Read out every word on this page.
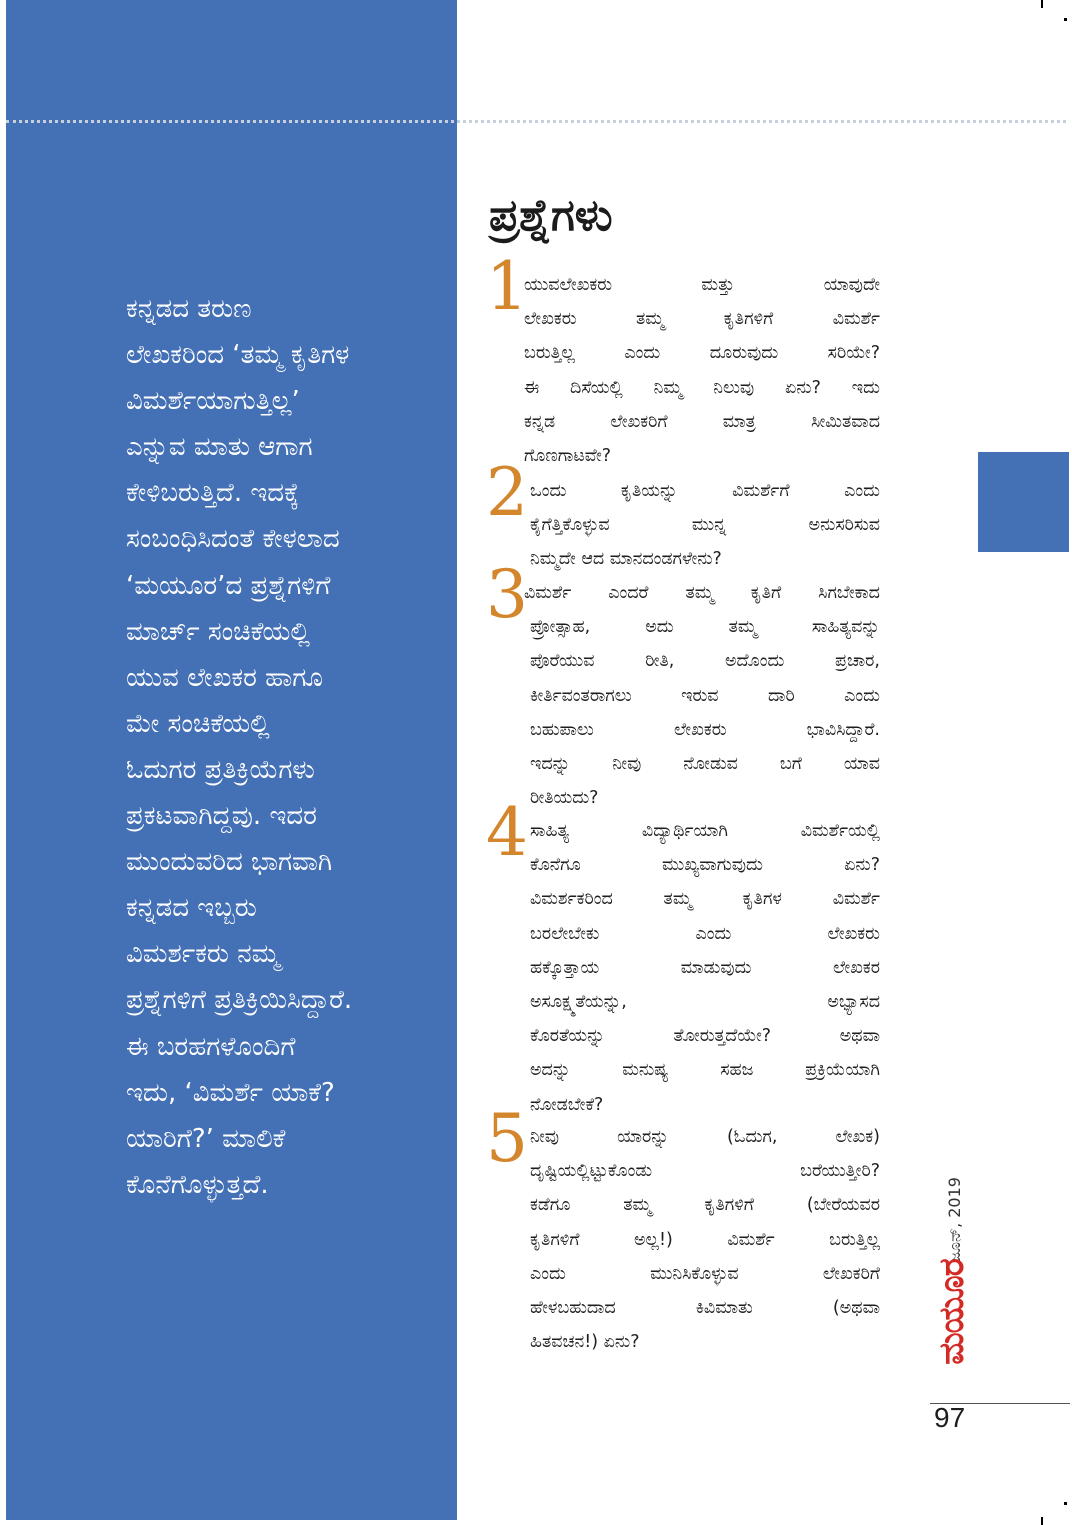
ಕನ್ನಡದ ತರುಣ
ಲೇಖಕರಿಂದ ‘ತಮ್ಮ ಕೃತಿಗಳ
ವಿಮರ್ಶೆಯಾಗುತ್ತಿಲ್ಲ’
ಎನ್ನುವ ಮಾತು ಆಗಾಗ
ಕೇಳಿಬರುತ್ತಿದೆ. ಇದಕ್ಕೆ
ಸಂಬಂಧಿಸಿದಂತೆ ಕೇಳಲಾದ
‘ಮಯೂರ’ದ ಪ್ರಶ್ನೆಗಳಿಗೆ
ಮಾರ್ಚ್ ಸಂಚಿಕೆಯಲ್ಲಿ
ಯುವ ಲೇಖಕರ ಹಾಗೂ
ಮೇ ಸಂಚಿಕೆಯಲ್ಲಿ
ಓದುಗರ ಪ್ರತಿಕ್ರಿಯೆಗಳು
ಪ್ರಕಟವಾಗಿದ್ದವು. ಇದರ
ಮುಂದುವರಿದ ಭಾಗವಾಗಿ
ಕನ್ನಡದ ಇಬ್ಬರು
ವಿಮರ್ಶಕರು ನಮ್ಮ
ಪ್ರಶ್ನೆಗಳಿಗೆ ಪ್ರತಿಕ್ರಿಯಿಸಿದ್ದಾರೆ.
ಈ ಬರಹಗಳೊಂದಿಗೆ
ಇದು, ‘ವಿಮರ್ಶೆ ಯಾಕೆ?
ಯಾರಿಗೆ?’ ಮಾಲಿಕೆ
ಕೊನೆಗೊಳ್ಳುತ್ತದೆ.

ಪ್ರಶ್ನೆಗಳು
1

ಯುವಲೇಖಕರು ಮತ್ತು ಯಾವುದೇ
ಲೇಖಕರು ತಮ್ಮ ಕೃತಿಗಳಿಗೆ ವಿಮರ್ಶೆ
ಬರುತ್ತಿಲ್ಲ ಎಂದು ದೂರುವುದು ಸರಿಯೇ?
ಈ ದಿಸೆಯಲ್ಲಿ ನಿಮ್ಮ ನಿಲುವು ಏನು? ಇದು
ಕನ್ನಡ ಲೇಖಕರಿಗೆ ಮಾತ್ರ ಸೀಮಿತವಾದ
ಗೊಣಗಾಟವೇ?

2 ಒಂದು ಕೃತಿಯನ್ನು ವಿಮರ್ಶೆಗೆ ಎಂದು
ಕೈಗೆತ್ತಿಕೊಳ್ಳುವ ಮುನ್ನ ಅನುಸರಿಸುವ
ನಿಮ್ಮದೇ ಆದ ಮಾನದಂಡಗಳೇನು?

3

ವಿಮರ್ಶೆ ಎಂದರೆ ತಮ್ಮ ಕೃತಿಗೆ ಸಿಗಬೇಕಾದ
ಪ್ರೋತ್ಸಾಹ, ಅದು ತಮ್ಮ ಸಾಹಿತ್ಯವನ್ನು
ಪೊರೆಯುವ ರೀತಿ, ಅದೊಂದು ಪ್ರಚಾರ,
ಕೀರ್ತಿವಂತರಾಗಲು ಇರುವ ದಾರಿ ಎಂದು
ಬಹುಪಾಲು ಲೇಖಕರು ಭಾವಿಸಿದ್ದಾರೆ.
ಇದನ್ನು ನೀವು ನೋಡುವ ಬಗೆ ಯಾವ
ರೀತಿಯದು?

4 ಸಾಹಿತ್ಯ ವಿದ್ಯಾರ್ಥಿಯಾಗಿ ವಿಮರ್ಶೆಯಲ್ಲಿ
ಕೊನೆಗೂ ಮುಖ್ಯವಾಗುವುದು ಏನು?
ವಿಮರ್ಶಕರಿಂದ ತಮ್ಮ ಕೃತಿಗಳ ವಿಮರ್ಶೆ
ಬರಲೇಬೇಕು ಎಂದು ಲೇಖಕರು
ಹಕ್ಕೊತ್ತಾಯ ಮಾಡುವುದು ಲೇಖಕರ
ಅಸೂಕ್ಷ್ಮತೆಯನ್ನು, ಅಭ್ಯಾಸದ
ಕೊರತೆಯನ್ನು ತೋರುತ್ತದೆಯೇ? ಅಥವಾ
ಅದನ್ನು ಮನುಷ್ಯ ಸಹಜ ಪ್ರಕ್ರಿಯೆಯಾಗಿ
ನೋಡಬೇಕೆ?

5 ನೀವು ಯಾರನ್ನು (ಓದುಗ, ಲೇಖಕ)
ದೃಷ್ಟಿಯಲ್ಲಿಟ್ಟುಕೊಂಡು ಬರೆಯುತ್ತೀರಿ?
ಕಡೆಗೂ ತಮ್ಮ ಕೃತಿಗಳಿಗೆ (ಬೇರೆಯವರ
ಕೃತಿಗಳಿಗೆ ಅಲ್ಲ!) ವಿಮರ್ಶೆ ಬರುತ್ತಿಲ್ಲ
ಎಂದು ಮುನಿಸಿಕೊಳ್ಳುವ ಲೇಖಕರಿಗೆ
ಹೇಳಬಹುದಾದ ಕಿವಿಮಾತು (ಅಥವಾ
ಹಿತವಚನ!) ಏನು?

ಜೂನ್, 2019
ಮಯೂರ
97
